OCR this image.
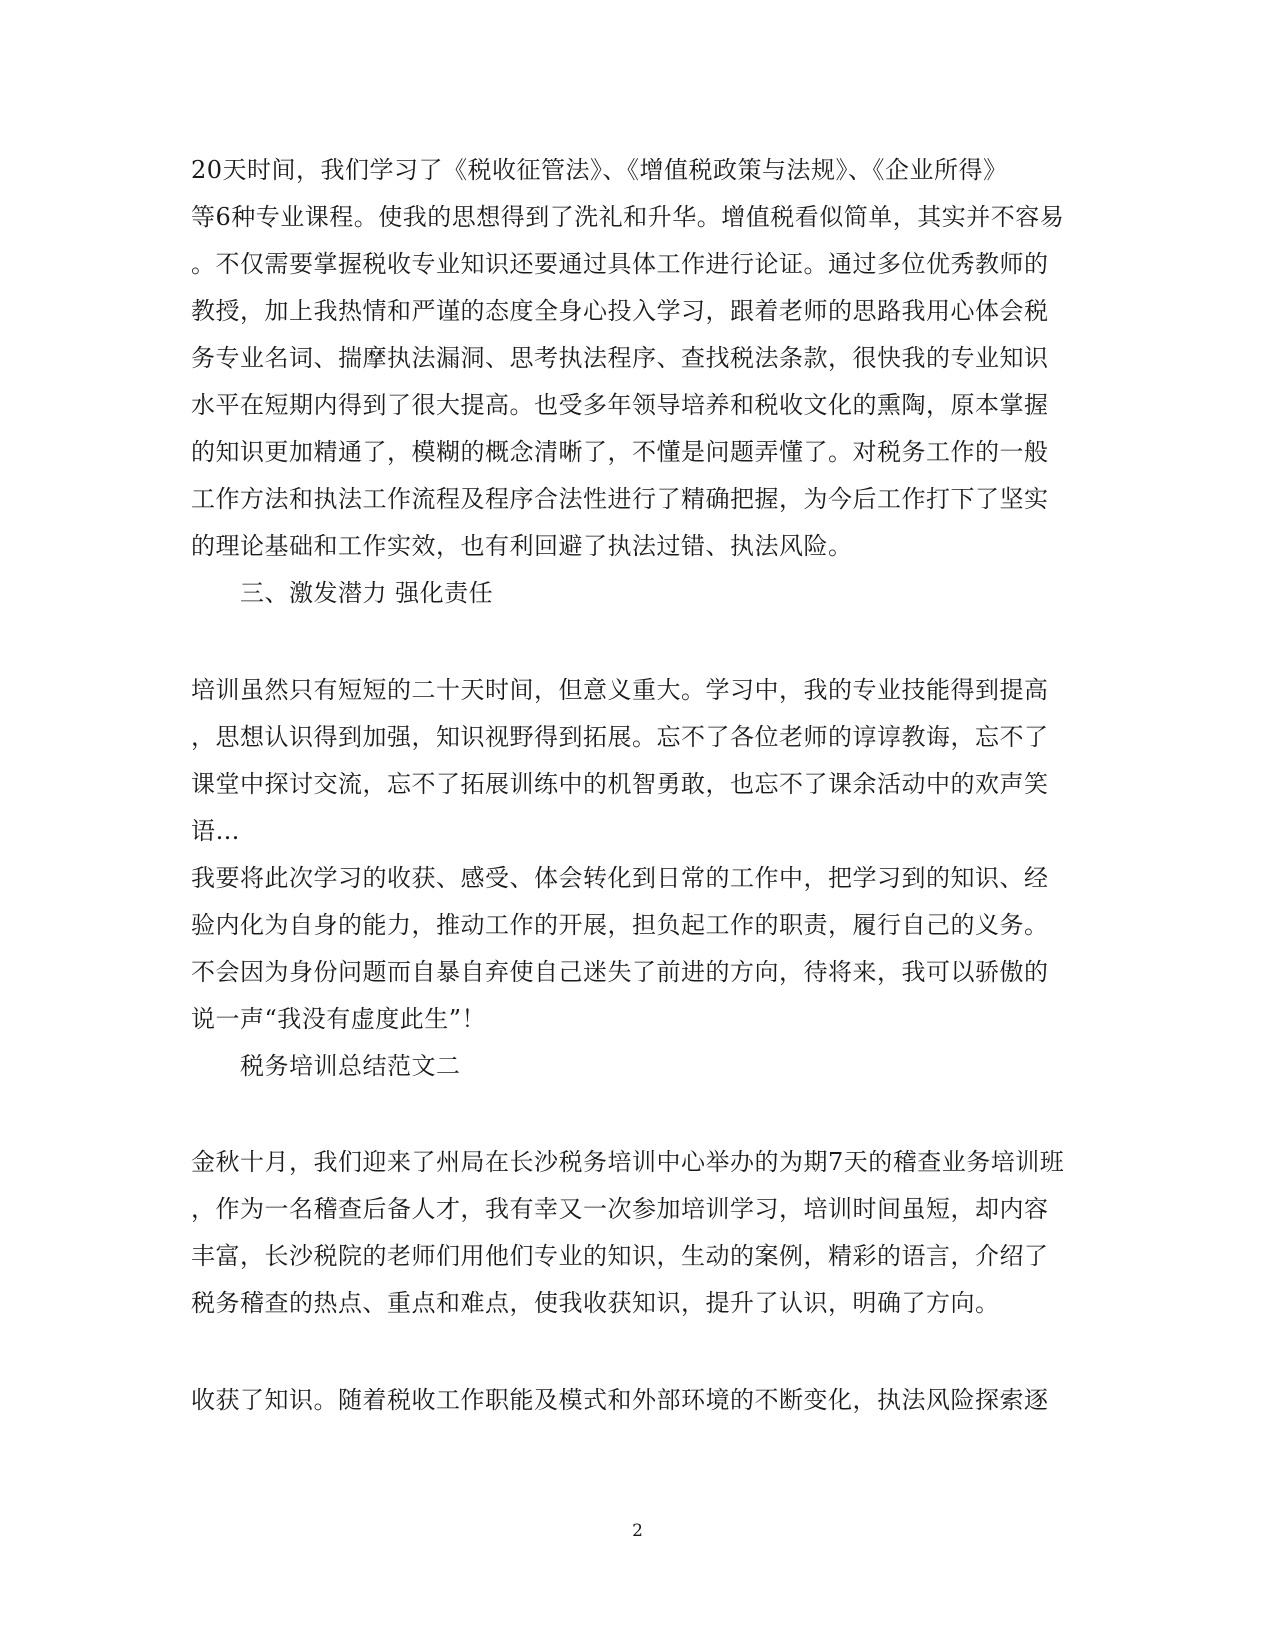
20天时间，我们学习了《税收征管法》、《增值税政策与法规》、《企业所得》
等6种专业课程。使我的思想得到了洗礼和升华。增值税看似简单，其实并不容易
。不仅需要掌握税收专业知识还要通过具体工作进行论证。通过多位优秀教师的
教授，加上我热情和严谨的态度全身心投入学习，跟着老师的思路我用心体会税
务专业名词、揣摩执法漏洞、思考执法程序、查找税法条款，很快我的专业知识
水平在短期内得到了很大提高。也受多年领导培养和税收文化的熏陶，原本掌握
的知识更加精通了，模糊的概念清晰了，不懂是问题弄懂了。对税务工作的一般
工作方法和执法工作流程及程序合法性进行了精确把握，为今后工作打下了坚实
的理论基础和工作实效，也有利回避了执法过错、执法风险。
三、激发潜力 强化责任
培训虽然只有短短的二十天时间，但意义重大。学习中，我的专业技能得到提高
，思想认识得到加强，知识视野得到拓展。忘不了各位老师的谆谆教诲，忘不了
课堂中探讨交流，忘不了拓展训练中的机智勇敢，也忘不了课余活动中的欢声笑
语…
我要将此次学习的收获、感受、体会转化到日常的工作中，把学习到的知识、经
验内化为自身的能力，推动工作的开展，担负起工作的职责，履行自己的义务。
不会因为身份问题而自暴自弃使自己迷失了前进的方向，待将来，我可以骄傲的
说一声“我没有虚度此生”！
税务培训总结范文二
金秋十月，我们迎来了州局在长沙税务培训中心举办的为期7天的稽查业务培训班
，作为一名稽查后备人才，我有幸又一次参加培训学习，培训时间虽短，却内容
丰富，长沙税院的老师们用他们专业的知识，生动的案例，精彩的语言，介绍了
税务稽查的热点、重点和难点，使我收获知识，提升了认识，明确了方向。
收获了知识。随着税收工作职能及模式和外部环境的不断变化，执法风险探索逐
2
